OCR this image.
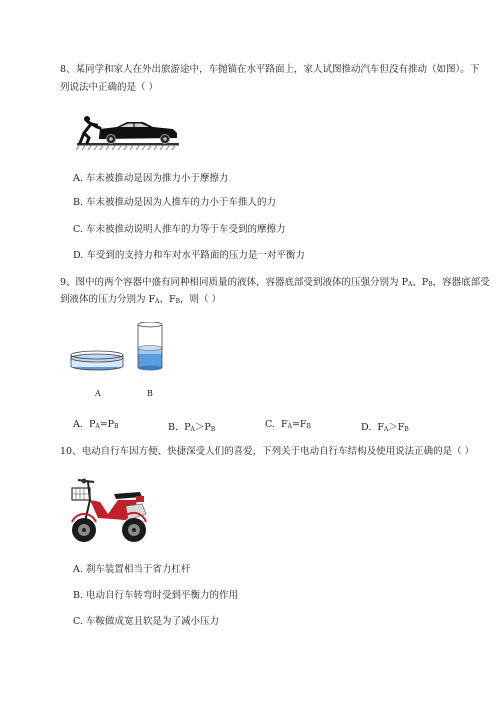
8、某同学和家人在外出旅游途中，车抛锚在水平路面上，家人试图推动汽车但没有推动（如图）。下
列说法中正确的是（ ）
A. 车未被推动是因为推力小于摩擦力
B. 车未被推动是因为人推车的力小于车推人的力
C. 车未被推动说明人推车的力等于车受到的摩擦力
D. 车受到的支持力和车对水平路面的压力是一对平衡力
9、图中的两个容器中盛有同种相同质量的液体，容器底部受到液体的压强分别为 $P_A$、$P_B$，容器底部受
到液体的压力分别为 $F_A$、$F_B$，则（ ）
A	B
A. $P_A=P_B$	B. $P_A>P_B$	C. $F_A=F_B$	D. $F_A>F_B$
10、电动自行车因方便、快捷深受人们的喜爱，下列关于电动自行车结构及使用说法正确的是（ ）
A. 刹车装置相当于省力杠杆
B. 电动自行车转弯时受到平衡力的作用
C. 车鞍做成宽且软是为了减小压力
